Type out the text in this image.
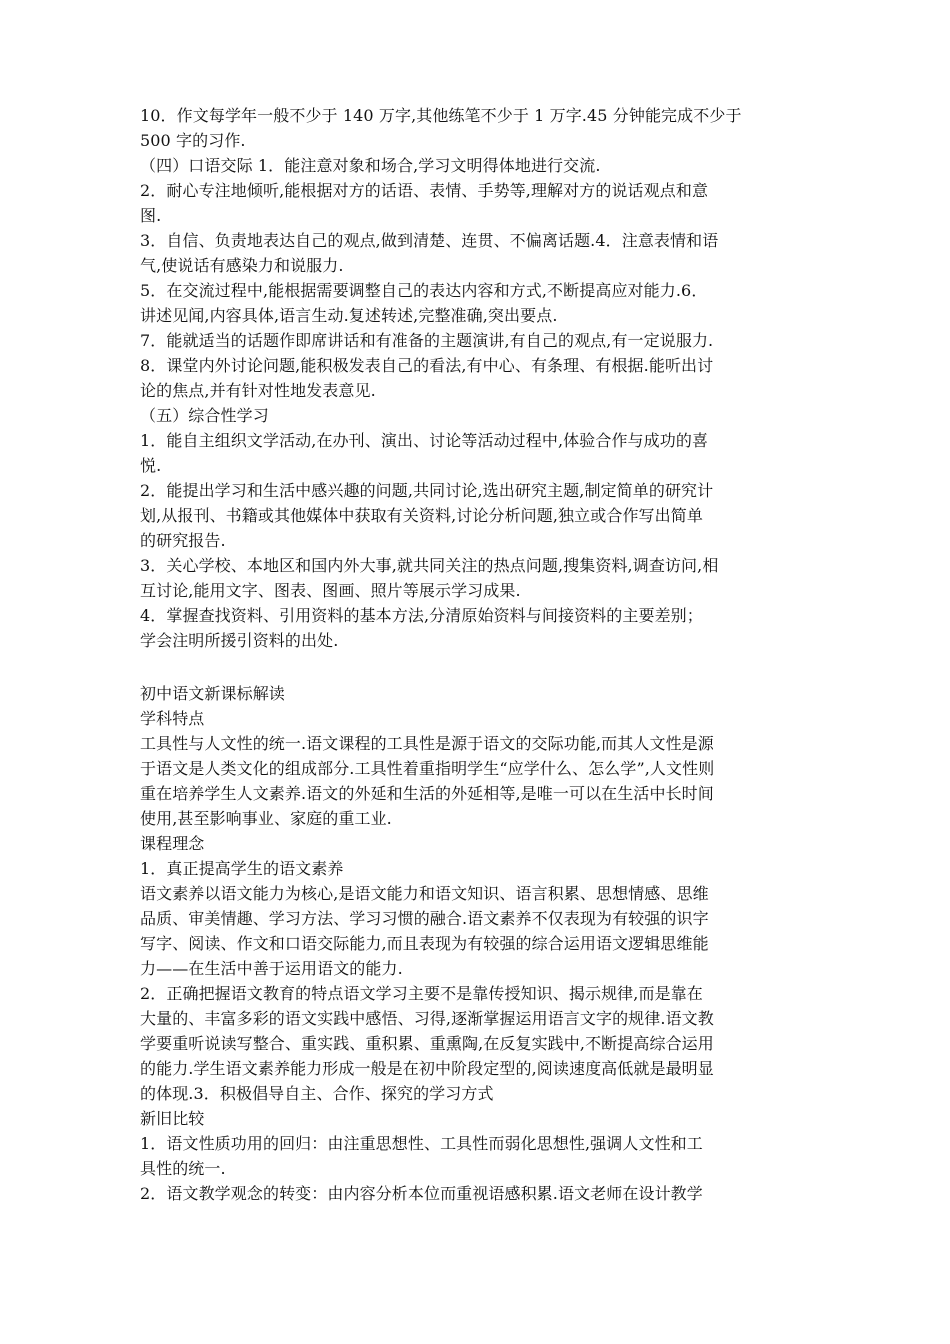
10．作文每学年一般不少于 140 万字,其他练笔不少于 1 万字.45 分钟能完成不少于
500 字的习作.
（四）口语交际 1．能注意对象和场合,学习文明得体地进行交流.
2．耐心专注地倾听,能根据对方的话语、表情、手势等,理解对方的说话观点和意
图.
3．自信、负责地表达自己的观点,做到清楚、连贯、不偏离话题.4．注意表情和语
气,使说话有感染力和说服力.
5．在交流过程中,能根据需要调整自己的表达内容和方式,不断提高应对能力.6．
讲述见闻,内容具体,语言生动.复述转述,完整准确,突出要点.
7．能就适当的话题作即席讲话和有准备的主题演讲,有自己的观点,有一定说服力.
8．课堂内外讨论问题,能积极发表自己的看法,有中心、有条理、有根据.能听出讨
论的焦点,并有针对性地发表意见.
（五）综合性学习
1．能自主组织文学活动,在办刊、演出、讨论等活动过程中,体验合作与成功的喜
悦.
2．能提出学习和生活中感兴趣的问题,共同讨论,选出研究主题,制定简单的研究计
划,从报刊、书籍或其他媒体中获取有关资料,讨论分析问题,独立或合作写出简单
的研究报告.
3．关心学校、本地区和国内外大事,就共同关注的热点问题,搜集资料,调查访问,相
互讨论,能用文字、图表、图画、照片等展示学习成果.
4．掌握查找资料、引用资料的基本方法,分清原始资料与间接资料的主要差别；
学会注明所援引资料的出处.
初中语文新课标解读
学科特点
工具性与人文性的统一.语文课程的工具性是源于语文的交际功能,而其人文性是源
于语文是人类文化的组成部分.工具性着重指明学生“应学什么、怎么学”,人文性则
重在培养学生人文素养.语文的外延和生活的外延相等,是唯一可以在生活中长时间
使用,甚至影响事业、家庭的重工业.
课程理念
1．真正提高学生的语文素养
语文素养以语文能力为核心,是语文能力和语文知识、语言积累、思想情感、思维
品质、审美情趣、学习方法、学习习惯的融合.语文素养不仅表现为有较强的识字
写字、阅读、作文和口语交际能力,而且表现为有较强的综合运用语文逻辑思维能
力——在生活中善于运用语文的能力.
2．正确把握语文教育的特点语文学习主要不是靠传授知识、揭示规律,而是靠在
大量的、丰富多彩的语文实践中感悟、习得,逐渐掌握运用语言文字的规律.语文教
学要重听说读写整合、重实践、重积累、重熏陶,在反复实践中,不断提高综合运用
的能力.学生语文素养能力形成一般是在初中阶段定型的,阅读速度高低就是最明显
的体现.3．积极倡导自主、合作、探究的学习方式
新旧比较
1．语文性质功用的回归：由注重思想性、工具性而弱化思想性,强调人文性和工
具性的统一.
2．语文教学观念的转变：由内容分析本位而重视语感积累.语文老师在设计教学
